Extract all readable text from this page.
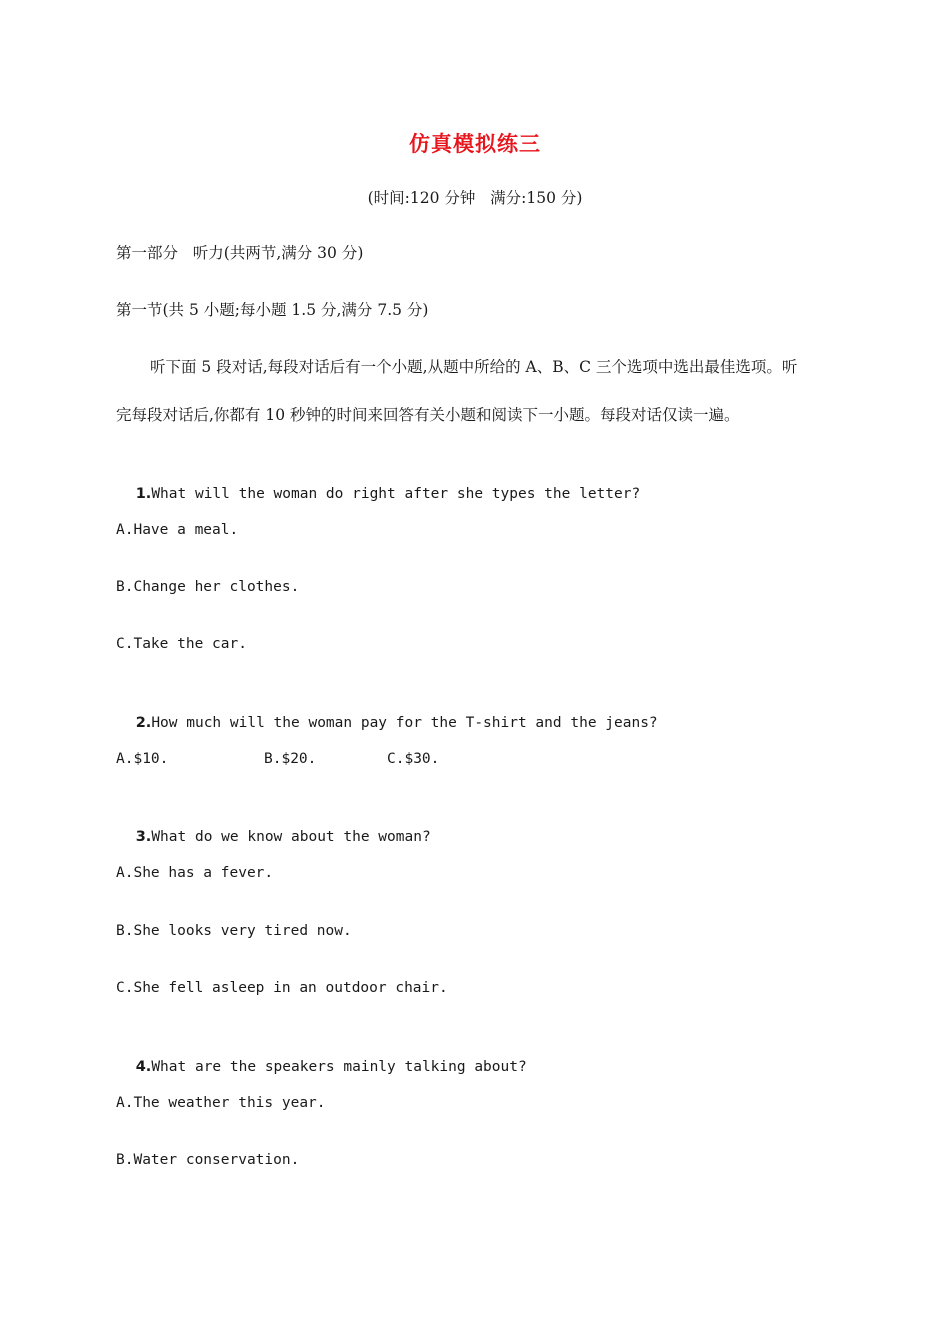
仿真模拟练三
(时间:120 分钟   满分:150 分)
第一部分   听力(共两节,满分 30 分)
第一节(共 5 小题;每小题 1.5 分,满分 7.5 分)
听下面 5 段对话,每段对话后有一个小题,从题中所给的 A、B、C 三个选项中选出最佳选项。听
完每段对话后,你都有 10 秒钟的时间来回答有关小题和阅读下一小题。每段对话仅读一遍。

1.What will the woman do right after she types the letter?

A.Have a meal.
B.Change her clothes.
C.Take the car.

2.How much will the woman pay for the T-shirt and the jeans?

A.$10.	B.$20.	C.$30.

3.What do we know about the woman?

A.She has a fever.
B.She looks very tired now.
C.She fell asleep in an outdoor chair.

4.What are the speakers mainly talking about?

A.The weather this year.
B.Water conservation.
